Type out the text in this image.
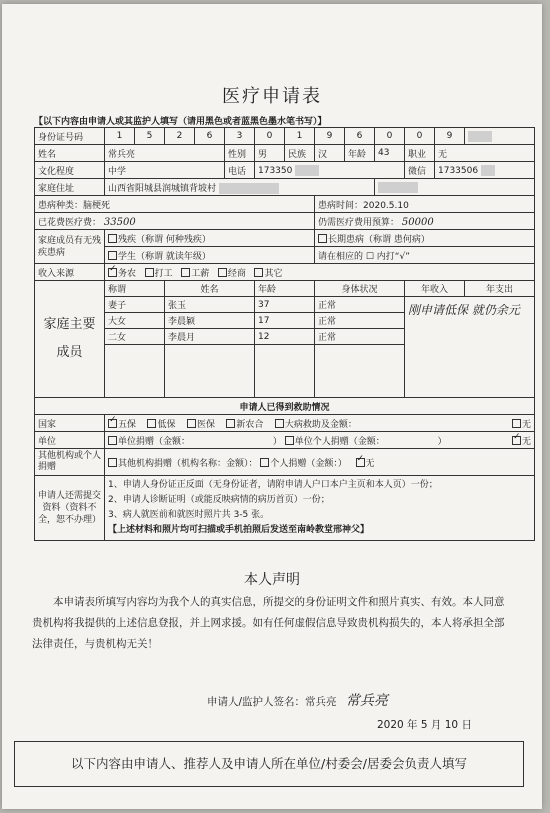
医疗申请表
【以下内容由申请人或其监护人填写（请用黑色或者蓝黑色墨水笔书写）】
身份证号码	1	5	2	6	3	0	1	9	6	0	0	9	
姓名	常兵亮				性别	男	民族	汉	年龄	43	职业	无	
文化程度	中学				电话	173350					微信	1733506	
家庭住址	山西省阳城县润城镇背坡村												
患病种类：脑梗死								患病时间：2020.5.10					
已花费医疗费： 33500								仍需医疗费用预算： 50000					
家庭成员有无残疾患病	残疾（称谓 何种残疾）							长期患病（称谓 患何病）					
	学生（称谓 就读年级）							请在相应的 ☐ 内打“√”					
收入来源	✓务农 打工 工薪 经商 其它
家庭主要成员	称谓		姓名			年龄		身体状况			年收入		年支出
	妻子		张玉			37		正常			刚申请低保 就仍余元		
	大女		李晨颖			17		正常					
	二女		李晨月			12		正常					

申请人已得到救助情况													
国家	✓五保 低保 医保 新农合 大病救助及金额： 无

单位	单位捐赠（金额： ） 单位个人捐赠（金额： ） ✓ 无

其他机构或个人捐赠	其他机构捐赠（机构名称：金额）： 个人捐赠（金额：）   ✓无
申请人还需提交资料（资料不全，恕不办理）	1、申请人身份证正反面（无身份证者，请附申请人户口本户主页和本人页）一份；
2、申请人诊断证明（或能反映病情的病历首页）一份；
3、病人就医前和就医时照片共 3-5 张。
【上述材料和照片均可扫描或手机拍照后发送至南岭教堂邢神父】												
本人声明
本申请表所填写内容均为我个人的真实信息，所提交的身份证明文件和照片真实、有效。本人同意贵机构将我提供的上述信息登报，并上网求援。如有任何虚假信息导致贵机构损失的，本人将承担全部法律责任，与贵机构无关！
申请人/监护人签名：常兵亮 常兵亮
2020 年 5 月 10 日
以下内容由申请人、推荐人及申请人所在单位/村委会/居委会负责人填写
